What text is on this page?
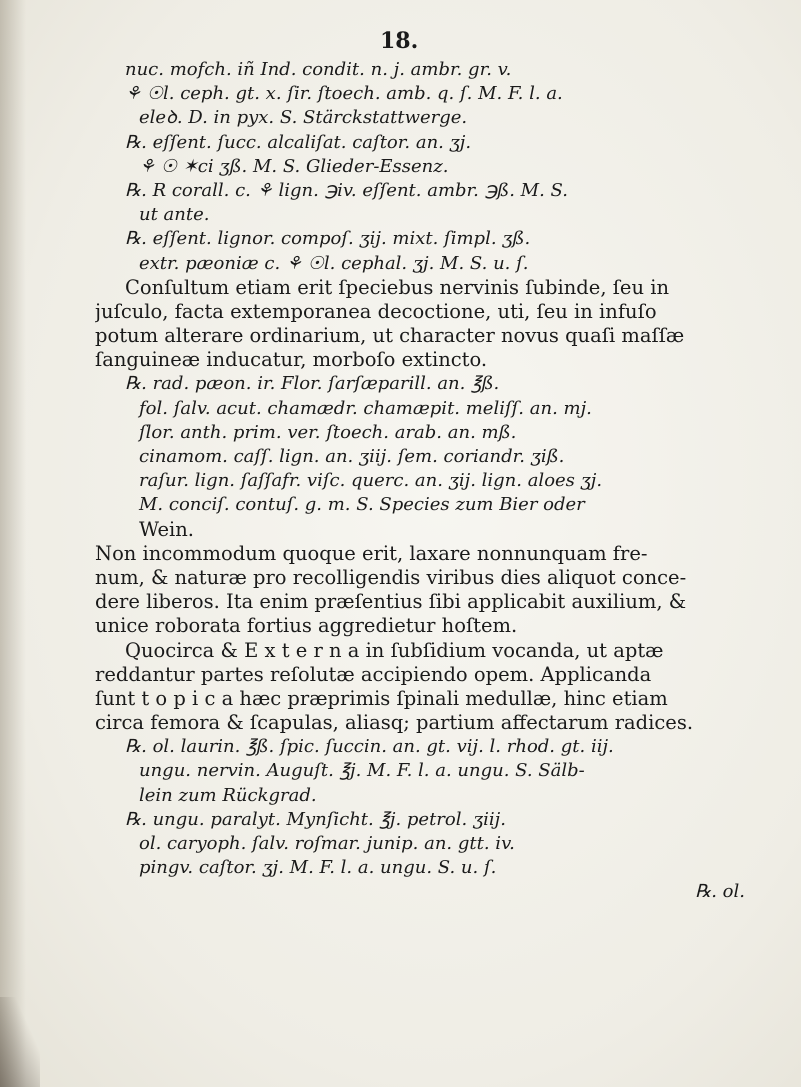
18.
nuc. mofch. iñ Ind. condit. n. j. ambr. gr. v.
⚘ ☉l. ceph. gt. x. ſir. ſtoech. amb. q. ſ. M. F. l. a.
eleꝺ. D. in pyx. S. Stärckstattwerge.
℞. eſſent. ſucc. alcaliſat. caſtor. an. ʒj.
⚘ ☉ ✶ci ʒß. M. S. Glieder-Essenz.
℞. R corall. c. ⚘ lign. ℈iv. eſſent. ambr. ℈ß. M. S.
ut ante.
℞. eſſent. lignor. compoſ. ʒij. mixt. ſimpl. ʒß.
extr. pæoniæ c. ⚘ ☉l. cephal. ʒj. M. S. u. ſ.
Conſultum etiam erit ſpeciebus nervinis ſubinde, ſeu in
juſculo, facta extemporanea decoctione, uti, ſeu in infuſo
potum alterare ordinarium, ut character novus quaſi maſſæ
ſanguineæ inducatur, morboſo extincto.
℞. rad. pæon. ir. Flor. ſarſæparill. an. ℥ß.
fol. ſalv. acut. chamædr. chamæpit. meliſſ. an. mj.
ſlor. anth. prim. ver. ſtoech. arab. an. mß.
cinamom. caſſ. lign. an. ʒiij. ſem. coriandr. ʒiß.
raſur. lign. ſaſſafr. viſc. querc. an. ʒij. lign. aloes ʒj.
M. conciſ. contuſ. g. m. S. Species zum Bier oder
Wein.
Non incommodum quoque erit, laxare nonnunquam fre-
num, & naturæ pro recolligendis viribus dies aliquot conce-
dere liberos. Ita enim præſentius ſibi applicabit auxilium, &
unice roborata fortius aggredietur hoſtem.
Quocirca & E x t e r n a in ſubſidium vocanda, ut aptæ
reddantur partes reſolutæ accipiendo opem. Applicanda
ſunt t o p i c a hæc præprimis ſpinali medullæ, hinc etiam
circa femora & ſcapulas, aliasq; partium affectarum radices.
℞. ol. laurin. ℥ß. ſpic. ſuccin. an. gt. vij. l. rhod. gt. iij.
ungu. nervin. Auguſt. ℥j. M. F. l. a. ungu. S. Sälb-
lein zum Rückgrad.
℞. ungu. paralyt. Mynſicht. ℥j. petrol. ʒiij.
ol. caryoph. ſalv. roſmar. junip. an. gtt. iv.
pingv. caſtor. ʒj. M. F. l. a. ungu. S. u. ſ.
℞. ol.
